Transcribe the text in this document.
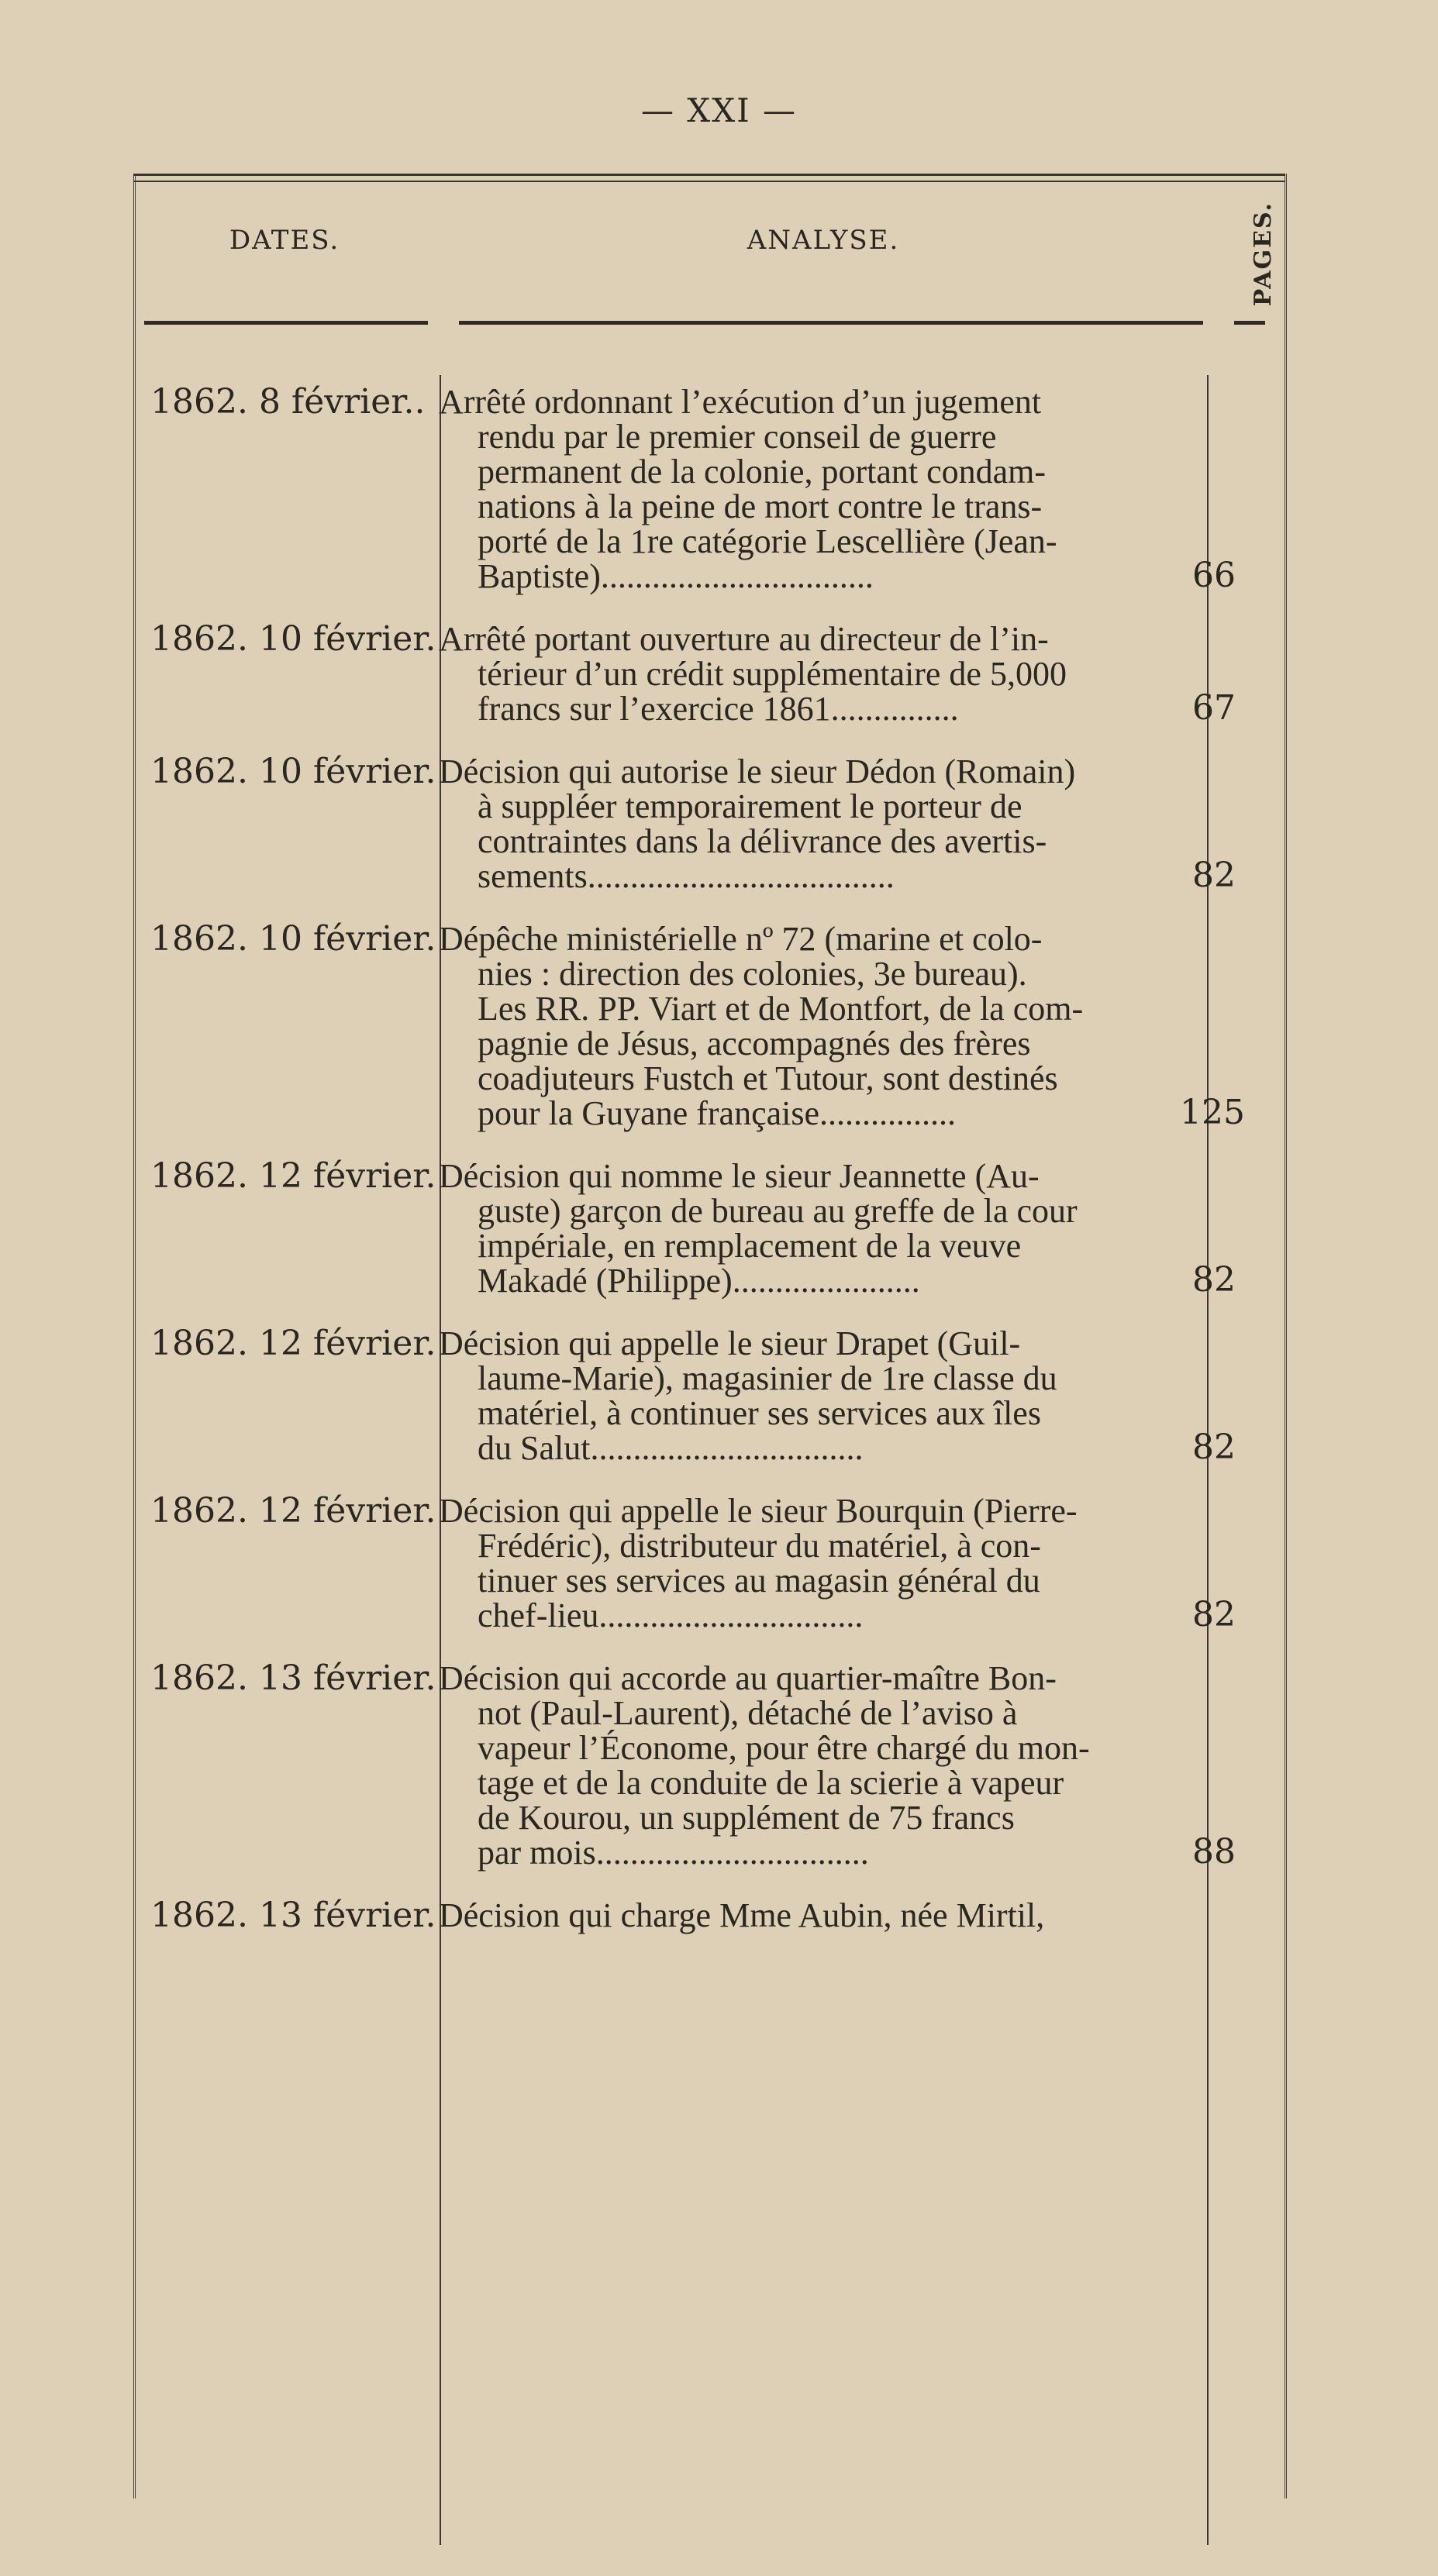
— XXI —
DATES.	ANALYSE.	PAGES.
1862. 8 février.. Arrêté ordonnant l’exécution d’un jugement
rendu par le premier conseil de guerre
permanent de la colonie, portant condam-
nations à la peine de mort contre le trans-
porté de la 1re catégorie Lescellière (Jean-
Baptiste)................................	66
1862. 10 février. Arrêté portant ouverture au directeur de l’in-
térieur d’un crédit supplémentaire de 5,000
francs sur l’exercice 1861...............	67
1862. 10 février. Décision qui autorise le sieur Dédon (Romain)
à suppléer temporairement le porteur de
contraintes dans la délivrance des avertis-
sements....................................	82
1862. 10 février. Dépêche ministérielle nº 72 (marine et colo-
nies : direction des colonies, 3e bureau).
Les RR. PP. Viart et de Montfort, de la com-
pagnie de Jésus, accompagnés des frères
coadjuteurs Fustch et Tutour, sont destinés
pour la Guyane française................	125
1862. 12 février. Décision qui nomme le sieur Jeannette (Au-
guste) garçon de bureau au greffe de la cour
impériale, en remplacement de la veuve
Makadé (Philippe)......................	82
1862. 12 février. Décision qui appelle le sieur Drapet (Guil-
laume-Marie), magasinier de 1re classe du
matériel, à continuer ses services aux îles
du Salut................................	82
1862. 12 février. Décision qui appelle le sieur Bourquin (Pierre-
Frédéric), distributeur du matériel, à con-
tinuer ses services au magasin général du
chef-lieu...............................	82
1862. 13 février. Décision qui accorde au quartier-maître Bon-
not (Paul-Laurent), détaché de l’aviso à
vapeur l’Économe, pour être chargé du mon-
tage et de la conduite de la scierie à vapeur
de Kourou, un supplément de 75 francs
par mois................................	88
1862. 13 février. Décision qui charge Mme Aubin, née Mirtil,
